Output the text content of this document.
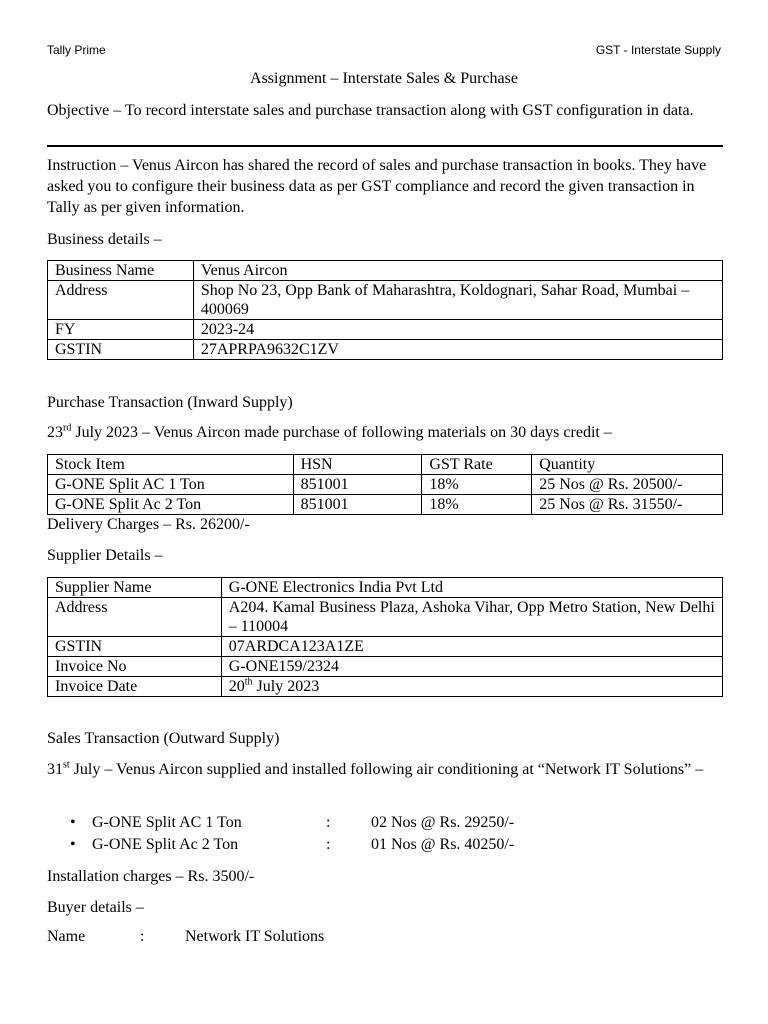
Tally Prime	GST - Interstate Supply
Assignment – Interstate Sales & Purchase
Objective – To record interstate sales and purchase transaction along with GST configuration in data.
Instruction – Venus Aircon has shared the record of sales and purchase transaction in books. They have asked you to configure their business data as per GST compliance and record the given transaction in Tally as per given information.
Business details –
Business Name	Venus Aircon
Address	Shop No 23, Opp Bank of Maharashtra, Koldognari, Sahar Road, Mumbai – 400069
FY	2023-24
GSTIN	27APRPA9632C1ZV
Purchase Transaction (Inward Supply)
23rd July 2023 – Venus Aircon made purchase of following materials on 30 days credit –
Stock Item	HSN	GST Rate	Quantity
G-ONE Split AC 1 Ton	851001	18%	25 Nos @ Rs. 20500/-
G-ONE Split Ac 2 Ton	851001	18%	25 Nos @ Rs. 31550/-
Delivery Charges – Rs. 26200/-
Supplier Details –
Supplier Name	G-ONE Electronics India Pvt Ltd
Address	A204. Kamal Business Plaza, Ashoka Vihar, Opp Metro Station, New Delhi – 110004
GSTIN	07ARDCA123A1ZE
Invoice No	G-ONE159/2324
Invoice Date	20th July 2023
Sales Transaction (Outward Supply)
31st July – Venus Aircon supplied and installed following air conditioning at “Network IT Solutions” –
• G-ONE Split AC 1 Ton	:	02 Nos @ Rs. 29250/-
• G-ONE Split Ac 2 Ton	:	01 Nos @ Rs. 40250/-
Installation charges – Rs. 3500/-
Buyer details –
Name	:	Network IT Solutions
